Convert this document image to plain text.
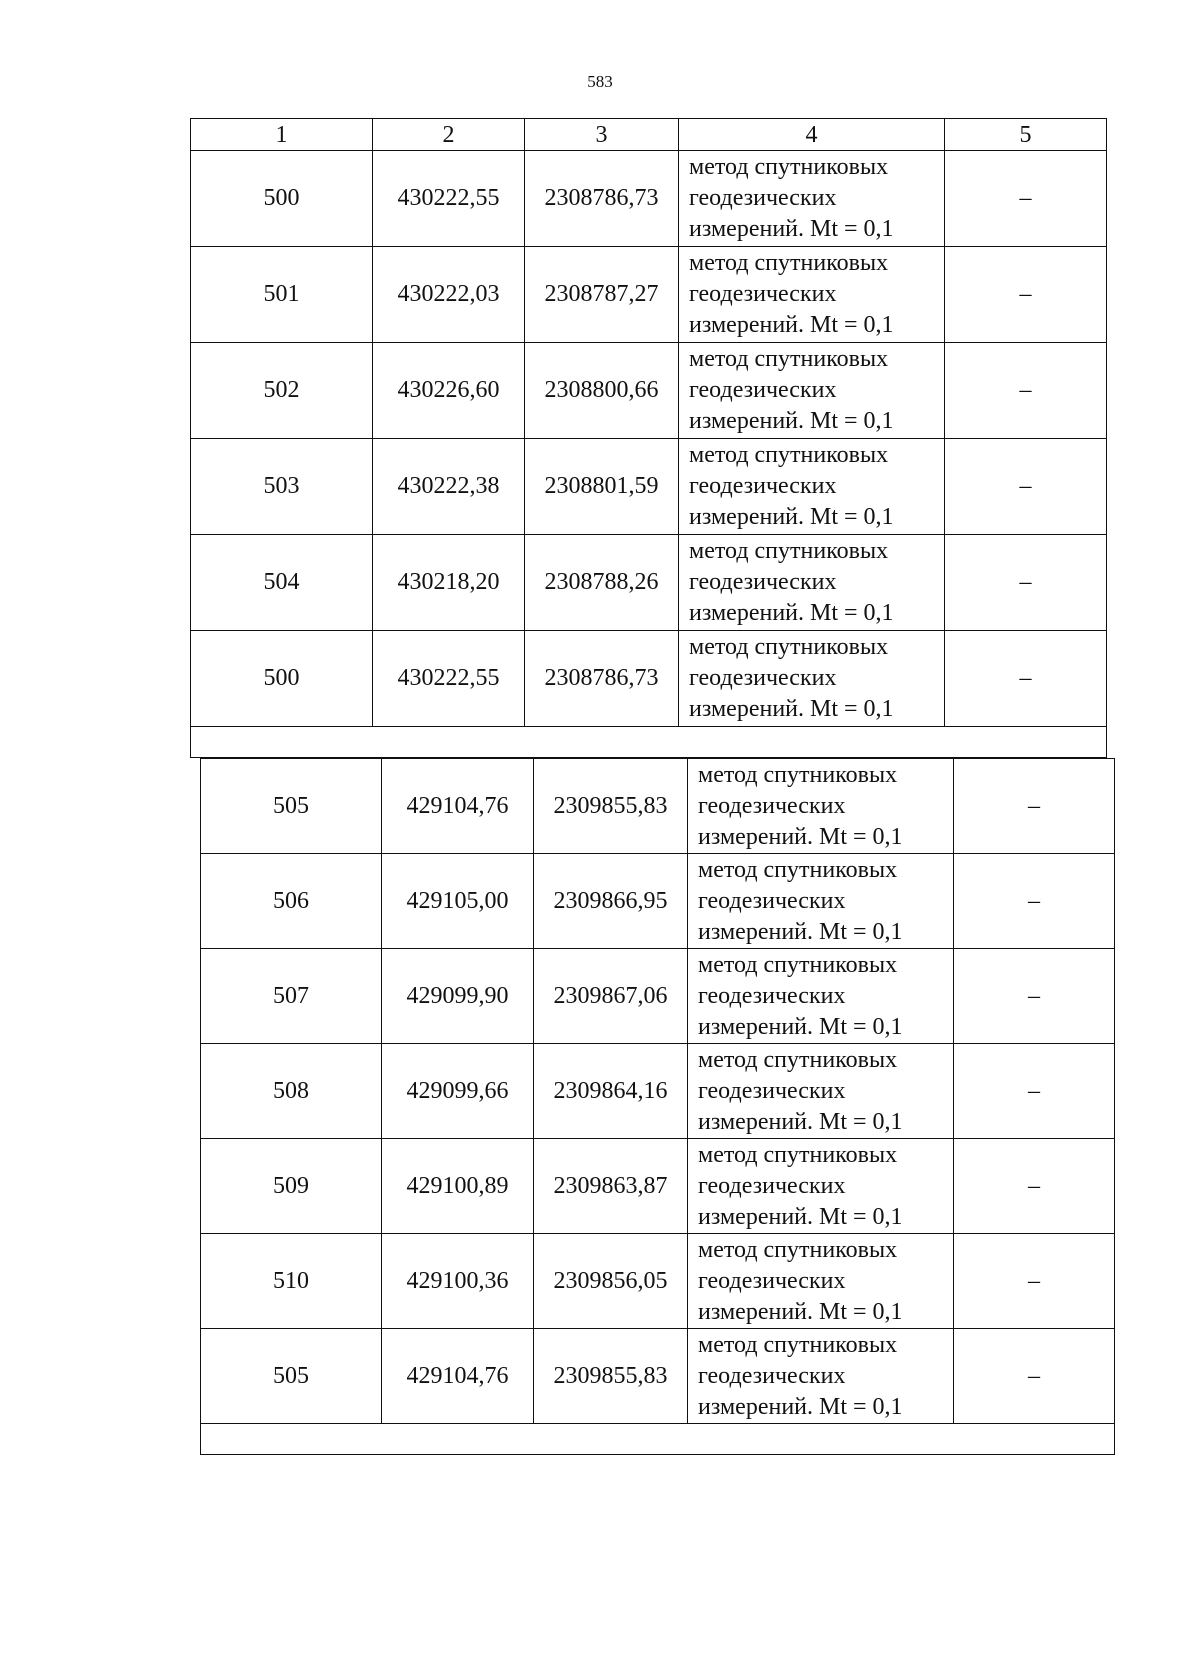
583
1	2	3	4	5
500	430222,55	2308786,73	метод спутниковых
геодезических
измерений. Mt = 0,1	–
501	430222,03	2308787,27	метод спутниковых
геодезических
измерений. Mt = 0,1	–
502	430226,60	2308800,66	метод спутниковых
геодезических
измерений. Mt = 0,1	–
503	430222,38	2308801,59	метод спутниковых
геодезических
измерений. Mt = 0,1	–
504	430218,20	2308788,26	метод спутниковых
геодезических
измерений. Mt = 0,1	–
500	430222,55	2308786,73	метод спутниковых
геодезических
измерений. Mt = 0,1	–

505	429104,76	2309855,83	метод спутниковых
геодезических
измерений. Mt = 0,1	–
506	429105,00	2309866,95	метод спутниковых
геодезических
измерений. Mt = 0,1	–
507	429099,90	2309867,06	метод спутниковых
геодезических
измерений. Mt = 0,1	–
508	429099,66	2309864,16	метод спутниковых
геодезических
измерений. Mt = 0,1	–
509	429100,89	2309863,87	метод спутниковых
геодезических
измерений. Mt = 0,1	–
510	429100,36	2309856,05	метод спутниковых
геодезических
измерений. Mt = 0,1	–
505	429104,76	2309855,83	метод спутниковых
геодезических
измерений. Mt = 0,1	–
